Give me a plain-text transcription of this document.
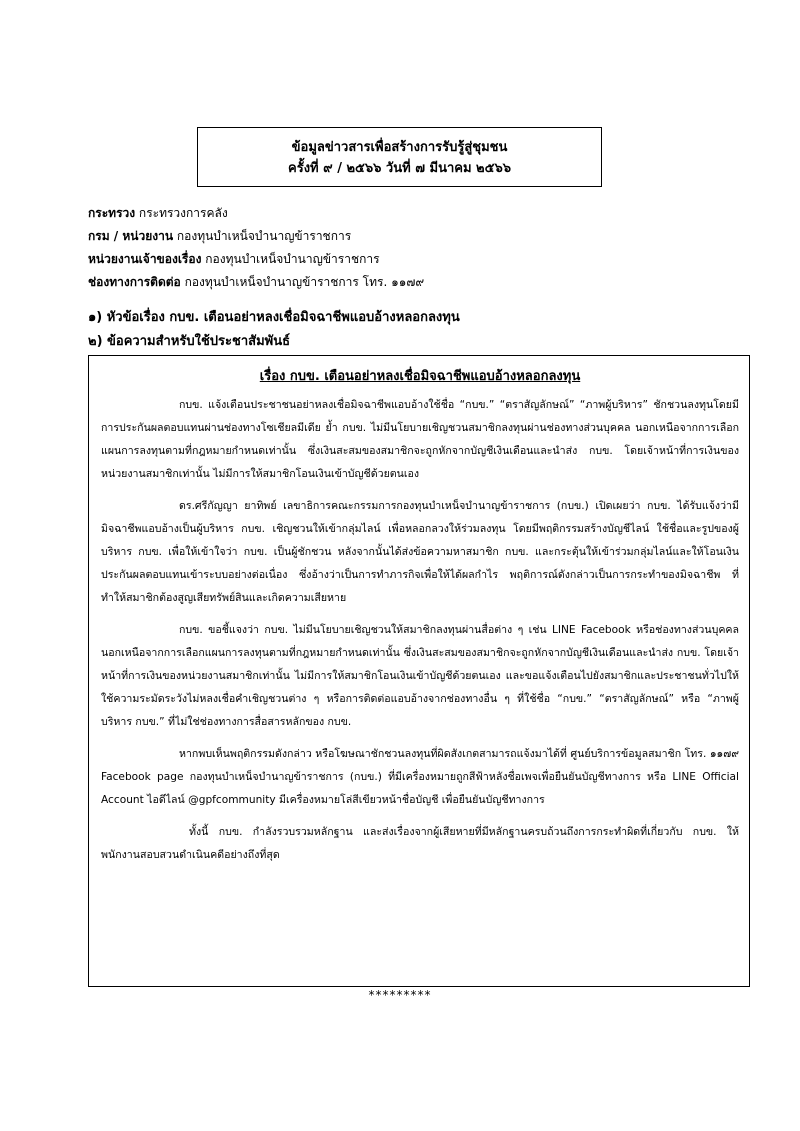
ข้อมูลข่าวสารเพื่อสร้างการรับรู้สู่ชุมชน
ครั้งที่ ๙ / ๒๕๖๖ วันที่ ๗ มีนาคม ๒๕๖๖
กระทรวง กระทรวงการคลัง
กรม / หน่วยงาน กองทุนบำเหน็จบำนาญข้าราชการ
หน่วยงานเจ้าของเรื่อง กองทุนบำเหน็จบำนาญข้าราชการ
ช่องทางการติดต่อ กองทุนบำเหน็จบำนาญข้าราชการ โทร. ๑๑๗๙
๑) หัวข้อเรื่อง กบข. เตือนอย่าหลงเชื่อมิจฉาชีพแอบอ้างหลอกลงทุน
๒) ข้อความสำหรับใช้ประชาสัมพันธ์
เรื่อง กบข. เตือนอย่าหลงเชื่อมิจฉาชีพแอบอ้างหลอกลงทุน

กบข. แจ้งเตือนประชาชนอย่าหลงเชื่อมิจฉาชีพแอบอ้างใช้ชื่อ “กบข.” “ตราสัญลักษณ์” “ภาพผู้บริหาร” ชักชวนลงทุนโดยมีการประกันผลตอบแทนผ่านช่องทางโซเชียลมีเดีย ย้ำ กบข. ไม่มีนโยบายเชิญชวนสมาชิกลงทุนผ่านช่องทางส่วนบุคคล นอกเหนือจากการเลือกแผนการลงทุนตามที่กฎหมายกำหนดเท่านั้น ซึ่งเงินสะสมของสมาชิกจะถูกหักจากบัญชีเงินเดือนและนำส่ง กบข. โดยเจ้าหน้าที่การเงินของหน่วยงานสมาชิกเท่านั้น ไม่มีการให้สมาชิกโอนเงินเข้าบัญชีด้วยตนเอง

ดร.ศรีกัญญา ยาทิพย์ เลขาธิการคณะกรรมการกองทุนบำเหน็จบำนาญข้าราชการ (กบข.) เปิดเผยว่า กบข. ได้รับแจ้งว่ามีมิจฉาชีพแอบอ้างเป็นผู้บริหาร กบข. เชิญชวนให้เข้ากลุ่มไลน์ เพื่อหลอกลวงให้ร่วมลงทุน โดยมีพฤติกรรมสร้างบัญชีไลน์ ใช้ชื่อและรูปของผู้บริหาร กบข. เพื่อให้เข้าใจว่า กบข. เป็นผู้ชักชวน หลังจากนั้นได้ส่งข้อความหาสมาชิก กบข. และกระตุ้นให้เข้าร่วมกลุ่มไลน์และให้โอนเงินประกันผลตอบแทนเข้าระบบอย่างต่อเนื่อง ซึ่งอ้างว่าเป็นการทำภารกิจเพื่อให้ได้ผลกำไร พฤติการณ์ดังกล่าวเป็นการกระทำของมิจฉาชีพ ที่ทำให้สมาชิกต้องสูญเสียทรัพย์สินและเกิดความเสียหาย

กบข. ขอชี้แจงว่า กบข. ไม่มีนโยบายเชิญชวนให้สมาชิกลงทุนผ่านสื่อต่าง ๆ เช่น LINE Facebook หรือช่องทางส่วนบุคคล นอกเหนือจากการเลือกแผนการลงทุนตามที่กฎหมายกำหนดเท่านั้น ซึ่งเงินสะสมของสมาชิกจะถูกหักจากบัญชีเงินเดือนและนำส่ง กบข. โดยเจ้าหน้าที่การเงินของหน่วยงานสมาชิกเท่านั้น ไม่มีการให้สมาชิกโอนเงินเข้าบัญชีด้วยตนเอง และขอแจ้งเตือนไปยังสมาชิกและประชาชนทั่วไปให้ใช้ความระมัดระวังไม่หลงเชื่อคำเชิญชวนต่าง ๆ หรือการติดต่อแอบอ้างจากช่องทางอื่น ๆ ที่ใช้ชื่อ “กบข.” “ตราสัญลักษณ์” หรือ “ภาพผู้บริหาร กบข.” ที่ไม่ใช่ช่องทางการสื่อสารหลักของ กบข.

หากพบเห็นพฤติกรรมดังกล่าว หรือโฆษณาชักชวนลงทุนที่ผิดสังเกตสามารถแจ้งมาได้ที่ ศูนย์บริการข้อมูลสมาชิก โทร. ๑๑๗๙ Facebook page กองทุนบำเหน็จบำนาญข้าราชการ (กบข.) ที่มีเครื่องหมายถูกสีฟ้าหลังชื่อเพจเพื่อยืนยันบัญชีทางการ หรือ LINE Official Account ไอดีไลน์ @gpfcommunity มีเครื่องหมายโล่สีเขียวหน้าชื่อบัญชี เพื่อยืนยันบัญชีทางการ

ทั้งนี้ กบข. กำลังรวบรวมหลักฐาน และส่งเรื่องจากผู้เสียหายที่มีหลักฐานครบถ้วนถึงการกระทำผิดที่เกี่ยวกับ กบข. ให้พนักงานสอบสวนดำเนินคดีอย่างถึงที่สุด

*********
